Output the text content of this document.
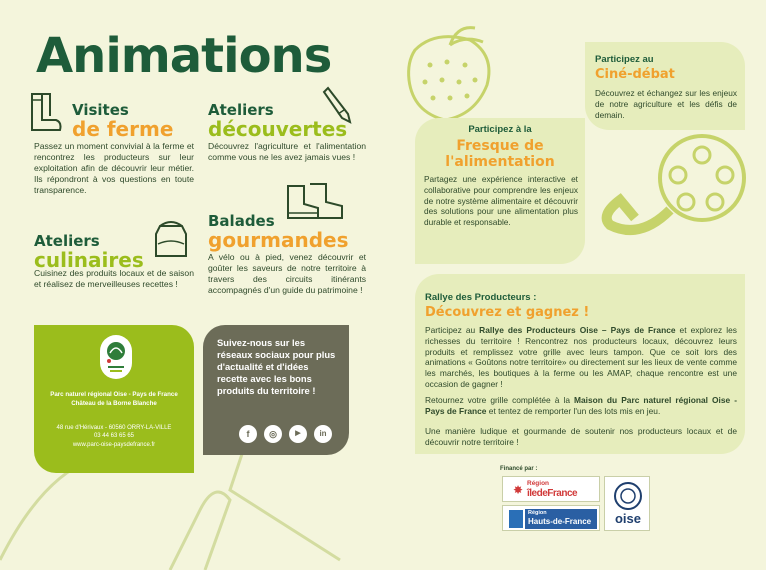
Animations
Visites
de ferme
Passez un moment convivial à la ferme et rencontrez les producteurs sur leur exploitation afin de découvrir leur métier. Ils répondront à vos questions en toute transparence.
Ateliers
découvertes
Découvrez l'agriculture et l'alimentation comme vous ne les avez jamais vues !
Balades
gourmandes
A vélo ou à pied, venez découvrir et goûter les saveurs de notre territoire à travers des circuits itinérants accompagnés d'un guide du patrimoine !
Ateliers
culinaires
Cuisinez des produits locaux et de saison et réalisez de merveilleuses recettes !
Parc naturel régional Oise - Pays de France
Château de la Borne Blanche
48 rue d'Hérivaux - 60560 ORRY-LA-VILLE
03 44 63 65 65
www.parc-oise-paysdefrance.fr
Suivez-nous sur les réseaux sociaux pour plus d'actualité et d'idées recette avec les bons produits du territoire !
f	◎	▶	in
Participez à la
Fresque de
l'alimentation
Partagez une expérience interactive et collaborative pour comprendre les enjeux de notre système alimentaire et découvrir des solutions pour une alimentation plus durable et responsable.
Participez au
Ciné-débat
Découvrez et échangez sur les enjeux de notre agriculture et les défis de demain.
Rallye des Producteurs :
Découvrez et gagnez !
Participez au Rallye des Producteurs Oise – Pays de France et explorez les richesses du territoire ! Rencontrez nos producteurs locaux, découvrez leurs produits et remplissez votre grille avec leurs tampon. Que ce soit lors des animations « Goûtons notre territoire» ou directement sur les lieux de vente comme les marchés, les boutiques à la ferme ou les AMAP, chaque rencontre est une occasion de gagner !
Retournez votre grille complétée à la Maison du Parc naturel régional Oise - Pays de France et tentez de remporter l'un des lots mis en jeu.
Une manière ludique et gourmande de soutenir nos producteurs locaux et de découvrir notre territoire !
Financé par :
✸ Région
îledeFrance
Région
Hauts-de-France	oise
